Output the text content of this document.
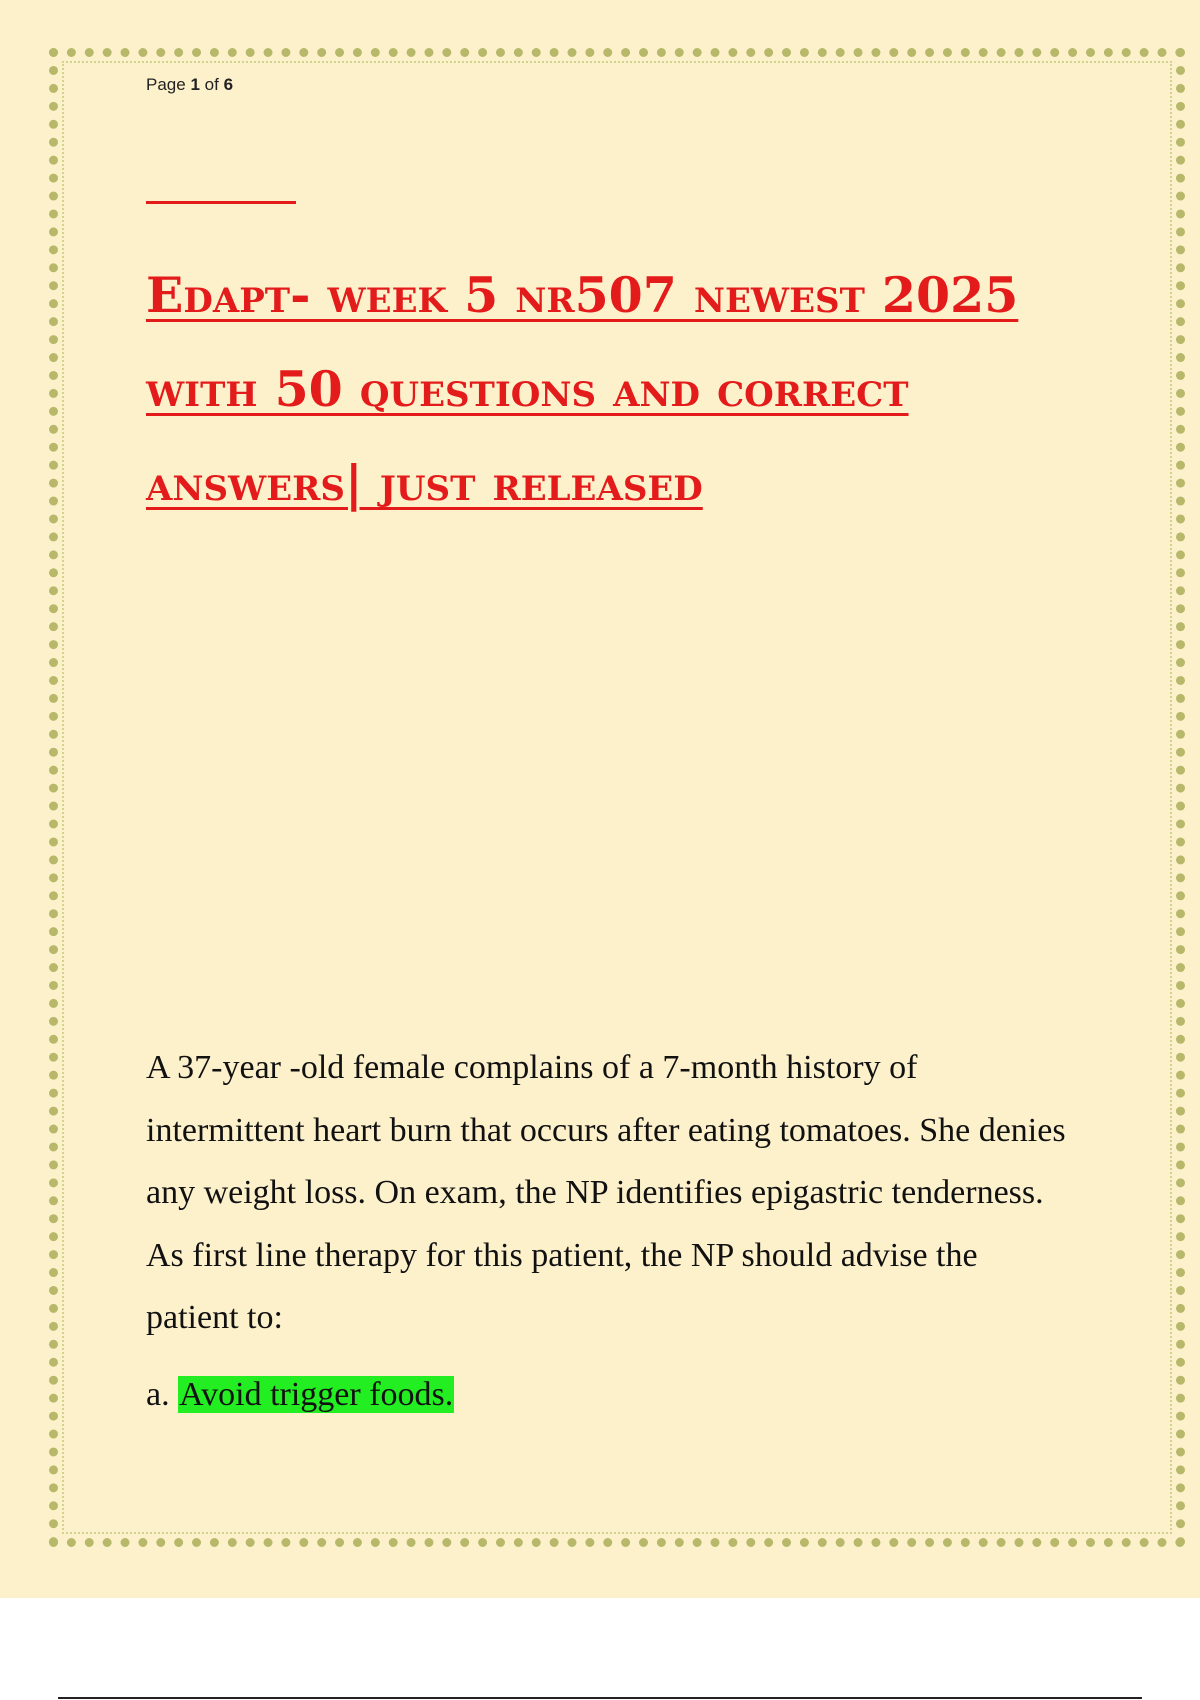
Page 1 of 6
Edapt- week 5 nr507 newest 2025 with 50 questions and correct answers| just released

A 37-year -old female complains of a 7-month history of intermittent heart burn that occurs after eating tomatoes. She denies any weight loss. On exam, the NP identifies epigastric tenderness. As first line therapy for this patient, the NP should advise the patient to:

a. Avoid trigger foods.
